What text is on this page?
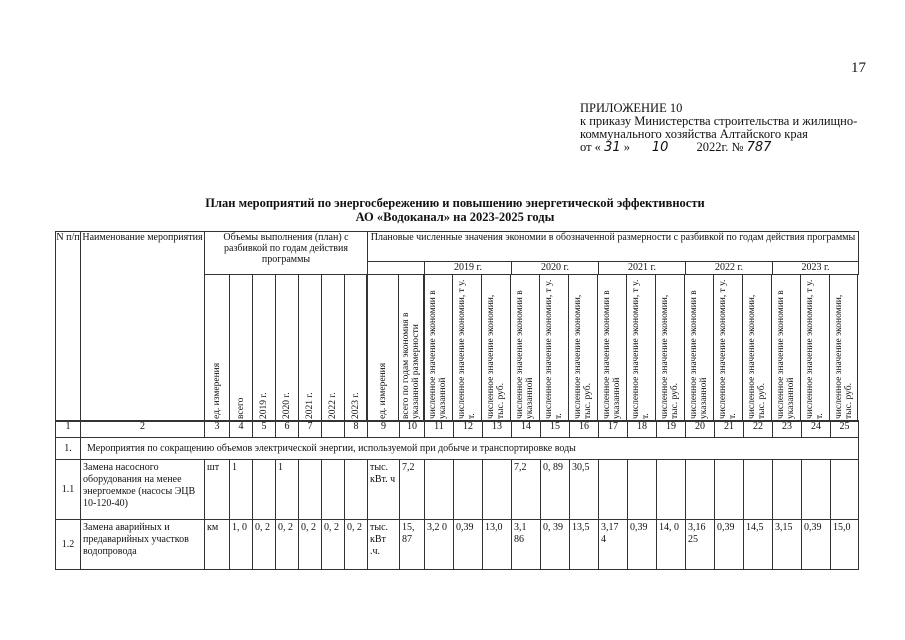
17
ПРИЛОЖЕНИЕ 10
к приказу Министерства строительства и жилищно-
коммунального хозяйства Алтайского края
от « 31 » 10 2022г. № 787
План мероприятий по энергосбережению и повышению энергетической эффективности
АО «Водоканал» на 2023-2025 годы
N п/п	Наименование мероприятия	Объемы выполнения (план) с разбивкой по годам действия программы							Плановые численные значения экономии в обозначенной размерности с разбивкой по годам действия программы					
										2019 г.	2020 г.	2021 г.	2022 г.	2023 г.

		ед. измерения	всего	2019 г.	2020 г.	2021 г.	2022 г.	2023 г.						ед. измерения	всего по годам экономия в указанной размерности	численное значение экономии в указанной	численное значение экономии, т у. т.	численное значение экономии, тыс. руб.	численное значение экономии в указанной	численное значение экономии, т у. т.	численное значение экономии, тыс. руб.	численное значение экономии в указанной	численное значение экономии, т у. т.	численное значение экономии, тыс. руб.	численное значение экономии в указанной	численное значение экономии, т у. т.	численное значение экономии, тыс. руб.	численное значение экономии в указанной	численное значение экономии, т у. т.	численное значение экономии, тыс. руб.
1	2	3	4	5	6	7		8	9	10	11	12	13	14	15	16	17	18	19	20	21	22	23	24	25
1.	Мероприятия по сокращению объемов электрической энергии, используемой при добыче и транспортировке воды																								
1.1	Замена насосного оборудования на менее энергоемкое (насосы ЭЦВ 10-120-40)	шт	1		1				тыс. кВт. ч	7,2				7,2	0, 89	30,5									
1.2	Замена аварийных и предаварийных участков водопровода	км	1, 0	0, 2	0, 2	0, 2	0, 2	0, 2	тыс. кВт .ч.	15, 87	3,2 0	0,39	13,0	3,1 86	0, 39	13,5	3,17 4	0,39	14, 0	3,16 25	0,39	14,5	3,15	0,39	15,0
